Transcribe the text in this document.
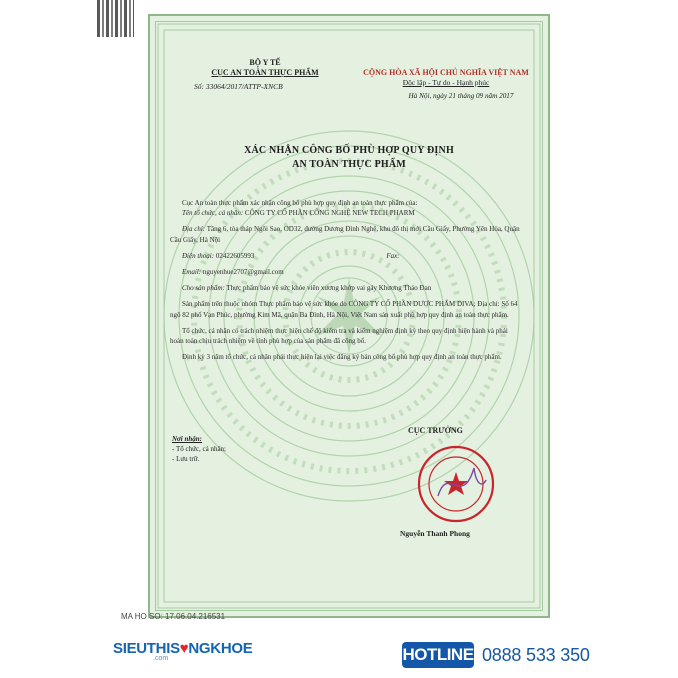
BỘ Y TẾ
CỤC AN TOÀN THỰC PHẨM
Số: 33064/2017/ATTP-XNCB
CỘNG HÒA XÃ HỘI CHỦ NGHĨA VIỆT NAM
Độc lập - Tự do - Hạnh phúc
Hà Nội, ngày 21 tháng 09 năm 2017
XÁC NHẬN CÔNG BỐ PHÙ HỢP QUY ĐỊNH
AN TOÀN THỰC PHẨM

Cục An toàn thực phẩm xác nhận công bố phù hợp quy định an toàn thực phẩm của:

Tên tổ chức, cá nhân: CÔNG TY CỔ PHẦN CÔNG NGHỆ NEW TECH PHARM

Địa chỉ: Tầng 6, tòa tháp Ngôi Sao, OD32, đường Dương Đình Nghệ, khu đô thị mới Cầu Giấy, Phường Yên Hòa, Quận Cầu Giấy, Hà Nội

Điện thoại: 02422605993	Fax:

Email: nguyenhue2707@gmail.com

Cho sản phẩm: Thực phẩm bảo vệ sức khỏe viên xương khớp vai gáy Khương Thảo Đan

Sản phẩm trên thuộc nhóm Thực phẩm bảo vệ sức khỏe do CÔNG TY CỔ PHẦN DƯỢC PHẨM DIVA; Địa chỉ: Số 64 ngõ 82 phố Vạn Phúc, phường Kim Mã, quận Ba Đình, Hà Nội, Việt Nam sản xuất phù hợp quy định an toàn thực phẩm.

Tổ chức, cá nhân có trách nhiệm thực hiện chế độ kiểm tra và kiểm nghiệm định kỳ theo quy định hiện hành và phải hoàn toàn chịu trách nhiệm về tính phù hợp của sản phẩm đã công bố.

Định kỳ 3 năm tổ chức, cá nhân phải thực hiện lại việc đăng ký bản công bố phù hợp quy định an toàn thực phẩm.

Nơi nhận:
- Tổ chức, cá nhân;
- Lưu trữ.
CỤC TRƯỞNG
Nguyễn Thanh Phong
MA HO SO: 17.06.04.216531
SIEUTHIS♥NGKHOE
.com	HOTLINE 0888 533 350
